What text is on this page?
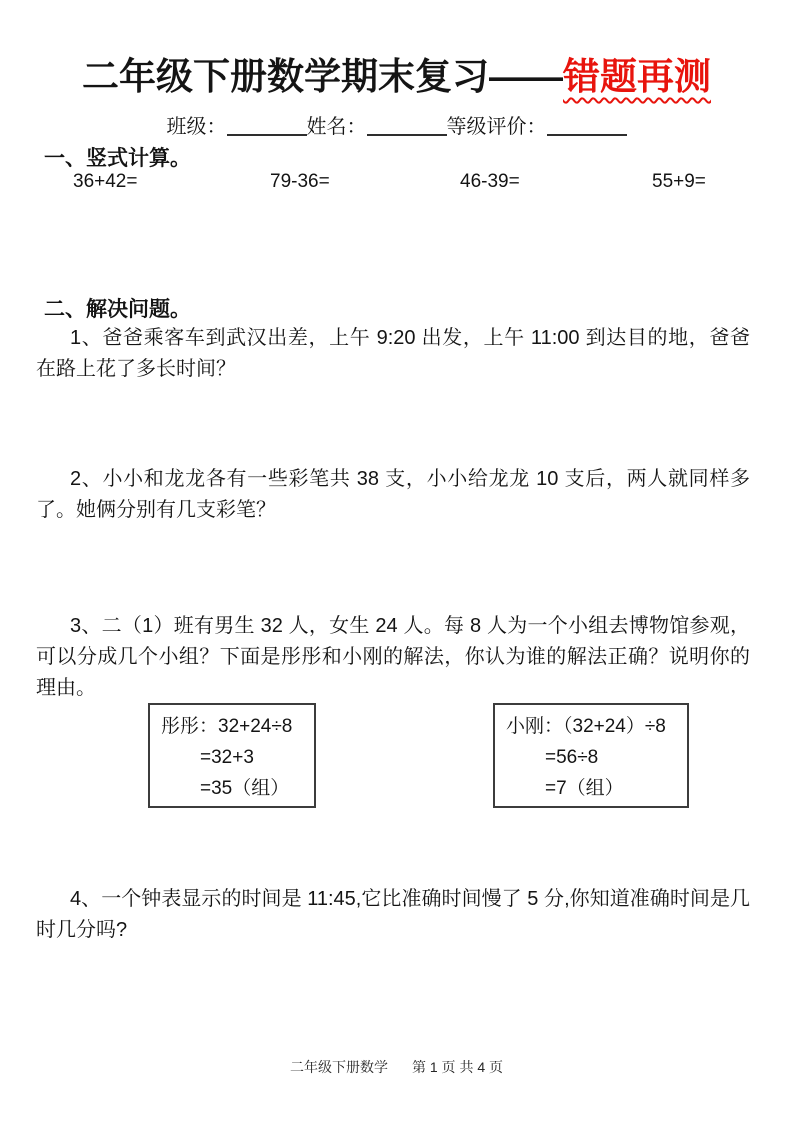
二年级下册数学期末复习——错题再测
班级：	姓名：	等级评价：
一、竖式计算。
36+42=	79-36=	46-39=	55+9=
二、解决问题。

1、爸爸乘客车到武汉出差，上午 9:20 出发，上午 11:00 到达目的地，爸爸在路上花了多长时间？

2、小小和龙龙各有一些彩笔共 38 支，小小给龙龙 10 支后，两人就同样多了。她俩分别有几支彩笔？

3、二（1）班有男生 32 人，女生 24 人。每 8 人为一个小组去博物馆参观，可以分成几个小组？下面是彤彤和小刚的解法，你认为谁的解法正确？说明你的理由。

彤彤：32+24÷8
=32+3
=35（组）
小刚：（32+24）÷8
=56÷8
=7（组）

4、一个钟表显示的时间是 11:45,它比准确时间慢了 5 分,你知道准确时间是几时几分吗?

二年级下册数学 第 1 页 共 4 页
